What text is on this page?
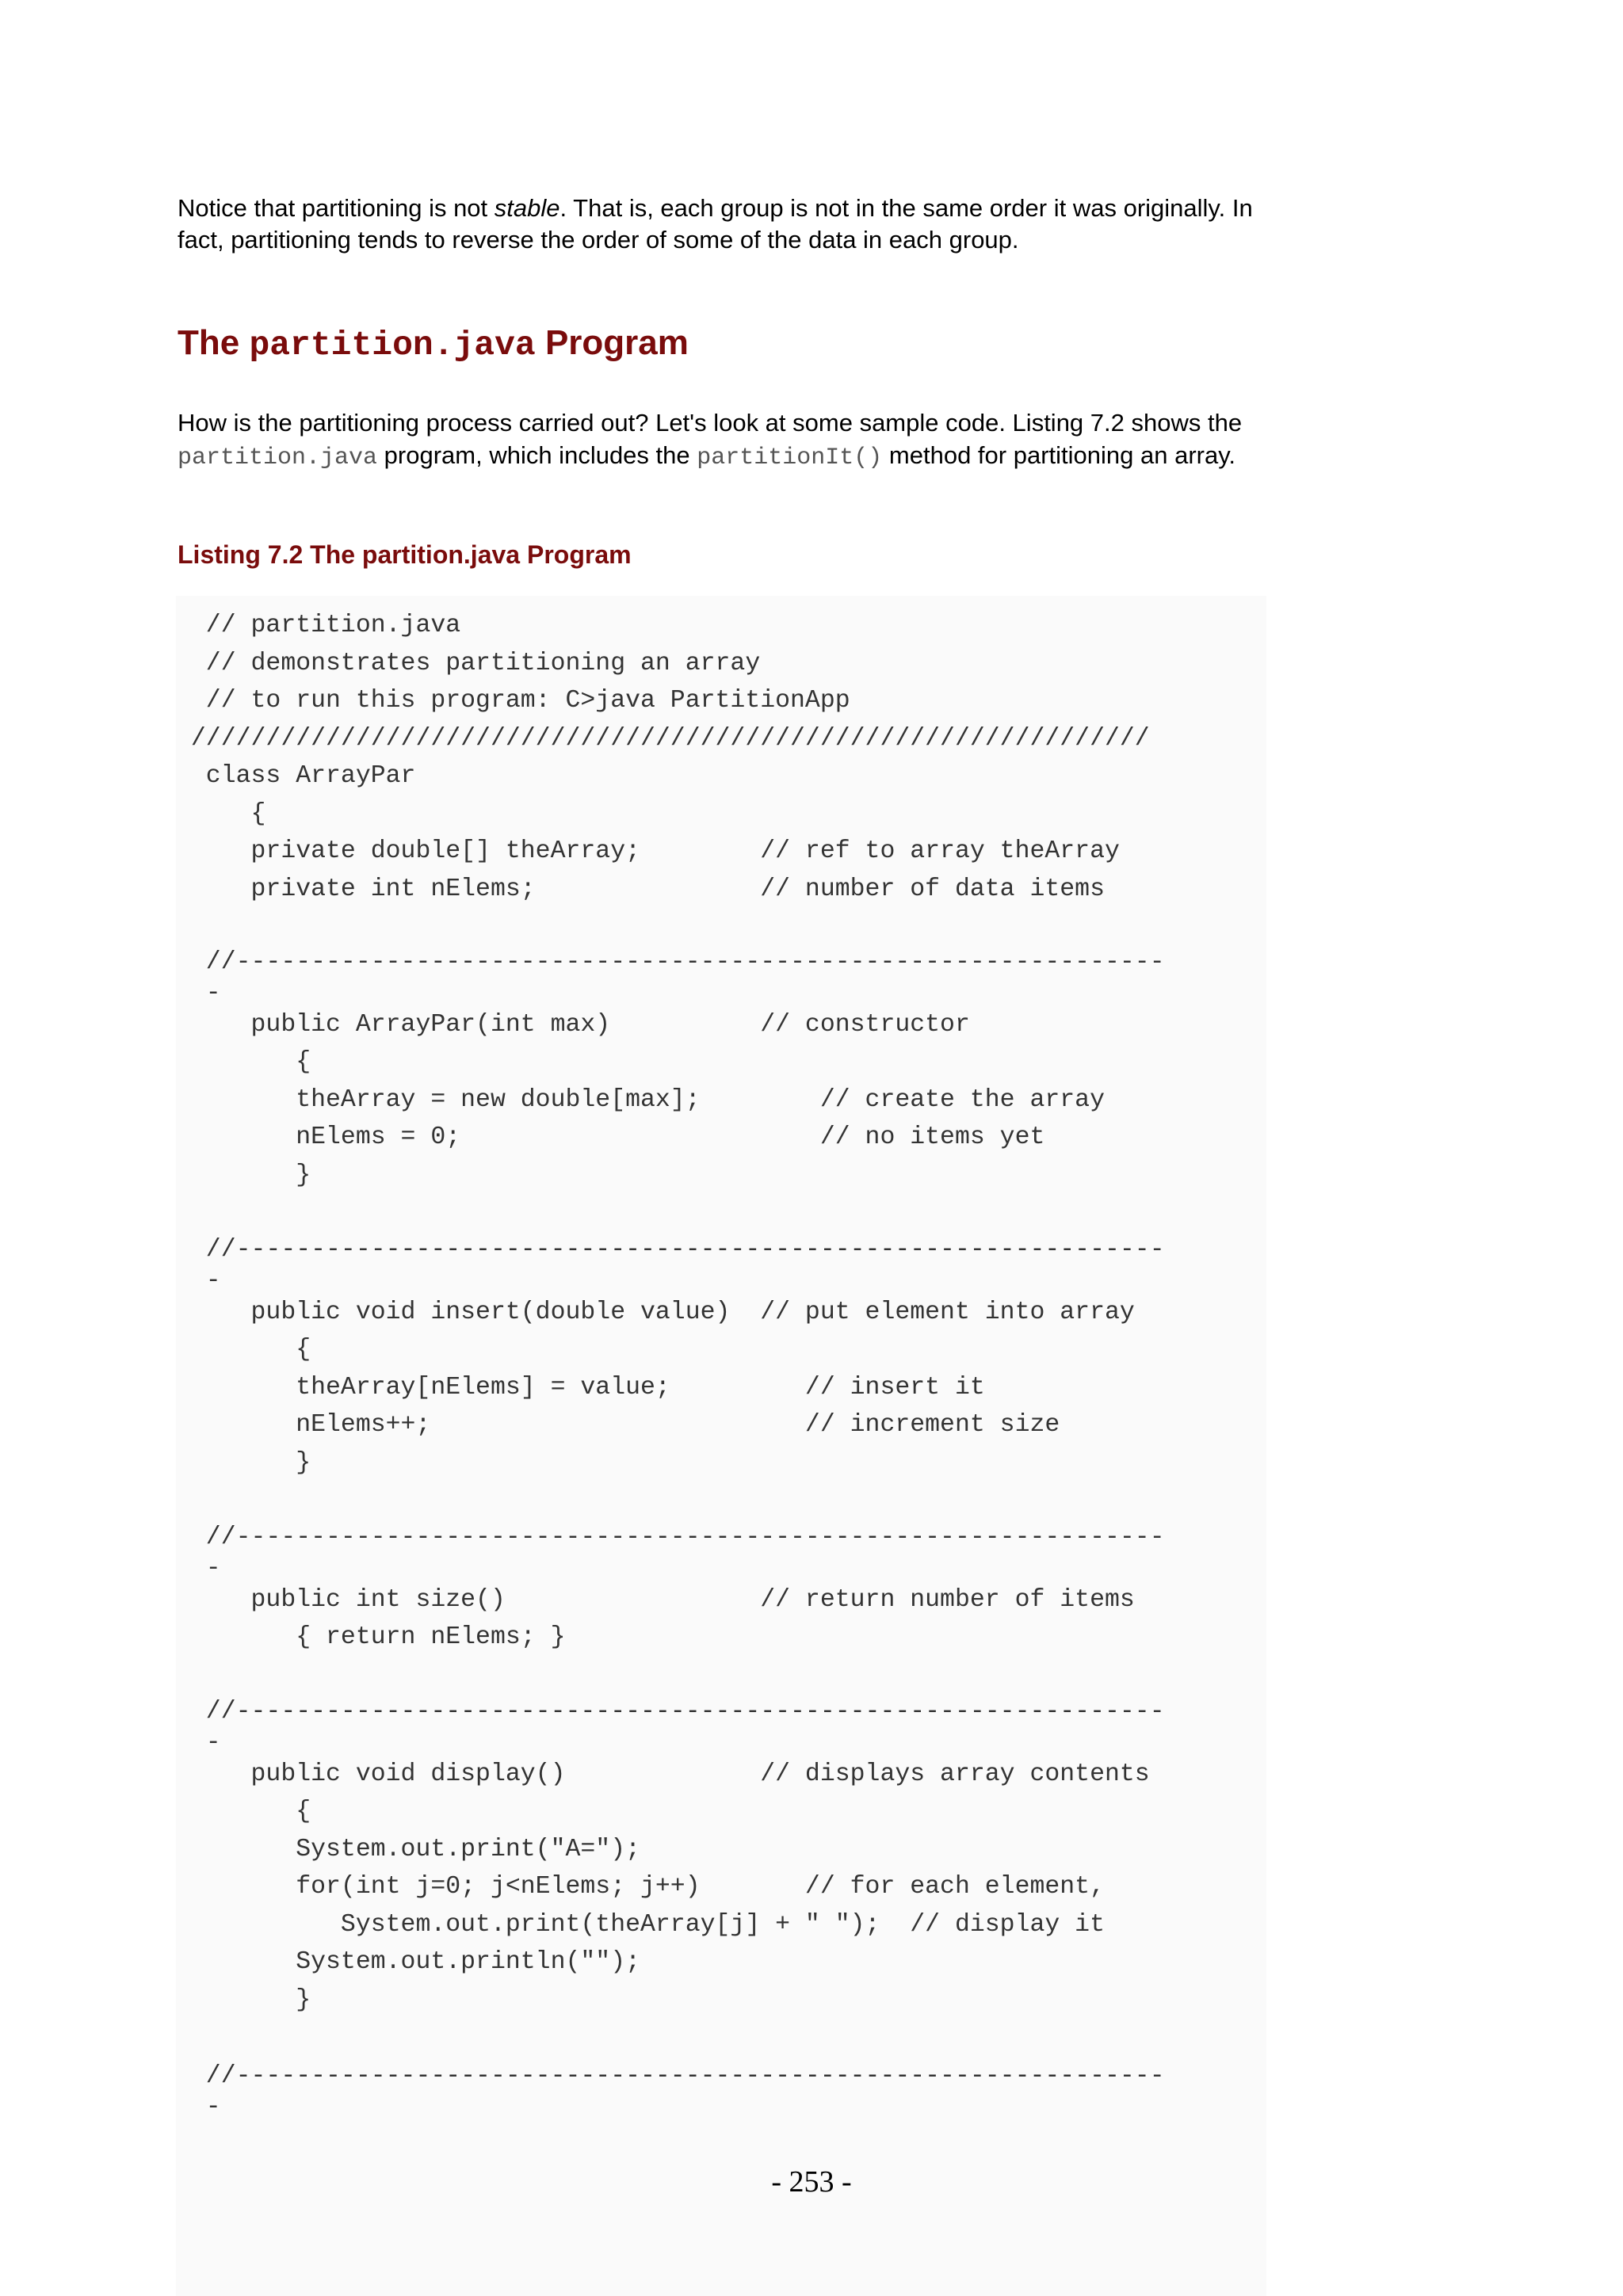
Notice that partitioning is not stable. That is, each group is not in the same order it was originally. In fact, partitioning tends to reverse the order of some of the data in each group.

The partition.java Program

How is the partitioning process carried out? Let's look at some sample code. Listing 7.2 shows the partition.java program, which includes the partitionIt() method for partitioning an array.

Listing 7.2 The partition.java Program
// partition.java
// demonstrates partitioning an array
// to run this program: C>java PartitionApp
////////////////////////////////////////////////////////////////
class ArrayPar
{
private double[] theArray;        // ref to array theArray
private int nElems;               // number of data items
//--------------------------------------------------------------
-
public ArrayPar(int max)          // constructor
{
theArray = new double[max];        // create the array
nElems = 0;                        // no items yet
}
//--------------------------------------------------------------
-
public void insert(double value)  // put element into array
{
theArray[nElems] = value;         // insert it
nElems++;                         // increment size
}
//--------------------------------------------------------------
-
public int size()                 // return number of items
{ return nElems; }
//--------------------------------------------------------------
-
public void display()             // displays array contents
{
System.out.print("A=");
for(int j=0; j<nElems; j++)       // for each element,
System.out.print(theArray[j] + " ");  // display it
System.out.println("");
}
//--------------------------------------------------------------
-

- 253 -
